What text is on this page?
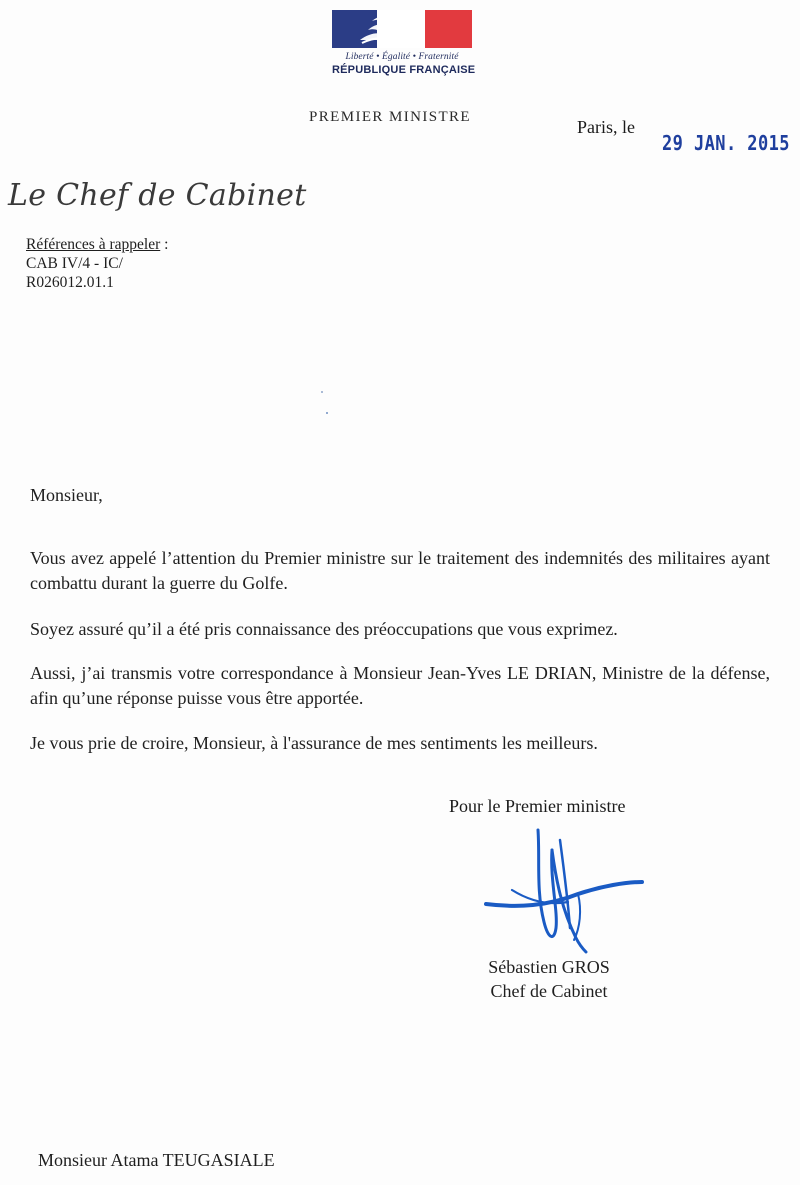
Liberté • Égalité • Fraternité
RÉPUBLIQUE FRANÇAISE
PREMIER MINISTRE	Paris, le
29 JAN. 2015
Le Chef de Cabinet
Références à rappeler :
CAB IV/4 - IC/
R026012.01.1
Monsieur,
Vous avez appelé l’attention du Premier ministre sur le traitement des indemnités des militaires ayant combattu durant la guerre du Golfe.
Soyez assuré qu’il a été pris connaissance des préoccupations que vous exprimez.
Aussi, j’ai transmis votre correspondance à Monsieur Jean-Yves LE DRIAN, Ministre de la défense, afin qu’une réponse puisse vous être apportée.
Je vous prie de croire, Monsieur, à l'assurance de mes sentiments les meilleurs.
Pour le Premier ministre
Sébastien GROS
Chef de Cabinet
Monsieur Atama TEUGASIALE
